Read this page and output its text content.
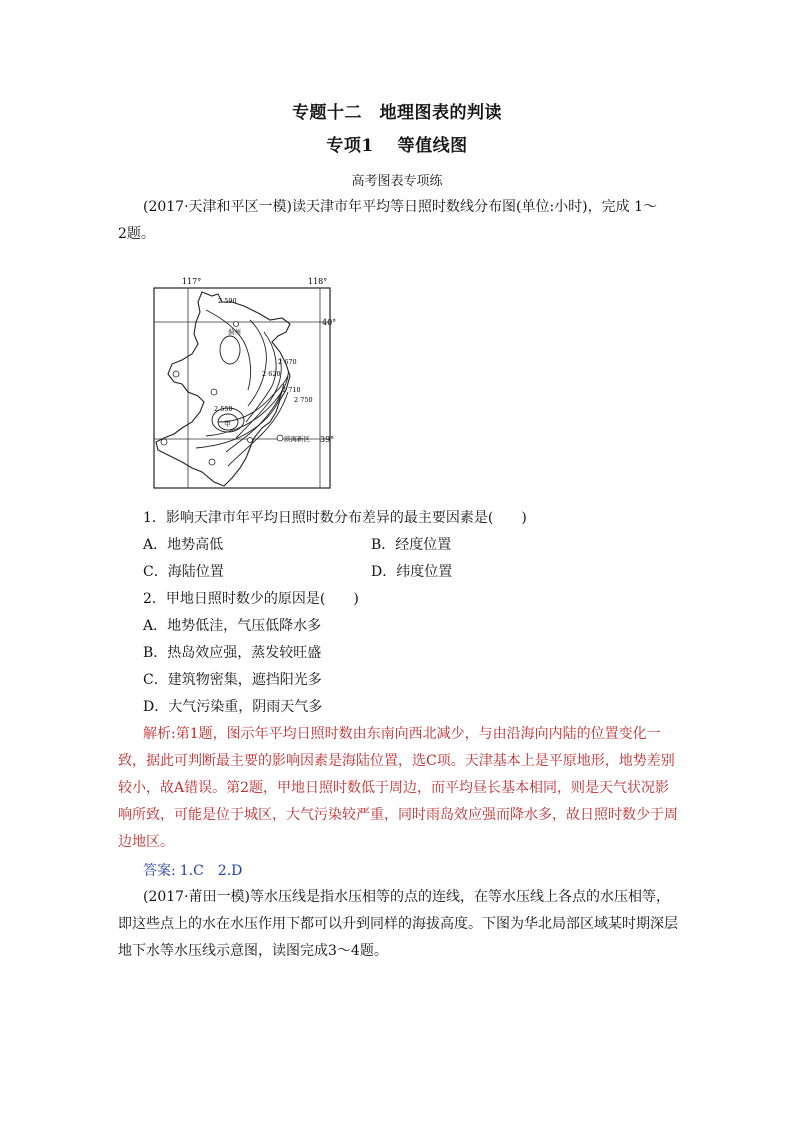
专题十二　地理图表的判读
专项1　 等值线图
高考图表专项练
(2017·天津和平区一模)读天津市年平均等日照时数线分布图(单位:小时)，完成 1～
2题。
117°	118°
40°
39°
2 590
2 550
2 620
2 670
2 710
2 750
蓟州
滨海新区
甲
1．影响天津市年平均日照时数分布差异的最主要因素是(　　)
A．地势高低	B．经度位置
C．海陆位置	D．纬度位置
2．甲地日照时数少的原因是(　　)
A．地势低洼，气压低降水多
B．热岛效应强，蒸发较旺盛
C．建筑物密集，遮挡阳光多
D．大气污染重，阴雨天气多
解析:第1题，图示年平均日照时数由东南向西北减少，与由沿海向内陆的位置变化一
致，据此可判断最主要的影响因素是海陆位置，选C项。天津基本上是平原地形，地势差别
较小，故A错误。第2题，甲地日照时数低于周边，而平均昼长基本相同，则是天气状况影
响所致，可能是位于城区，大气污染较严重，同时雨岛效应强而降水多，故日照时数少于周
边地区。
答案: 1.C　2.D
(2017·莆田一模)等水压线是指水压相等的点的连线，在等水压线上各点的水压相等，
即这些点上的水在水压作用下都可以升到同样的海拔高度。下图为华北局部区域某时期深层
地下水等水压线示意图，读图完成3～4题。
